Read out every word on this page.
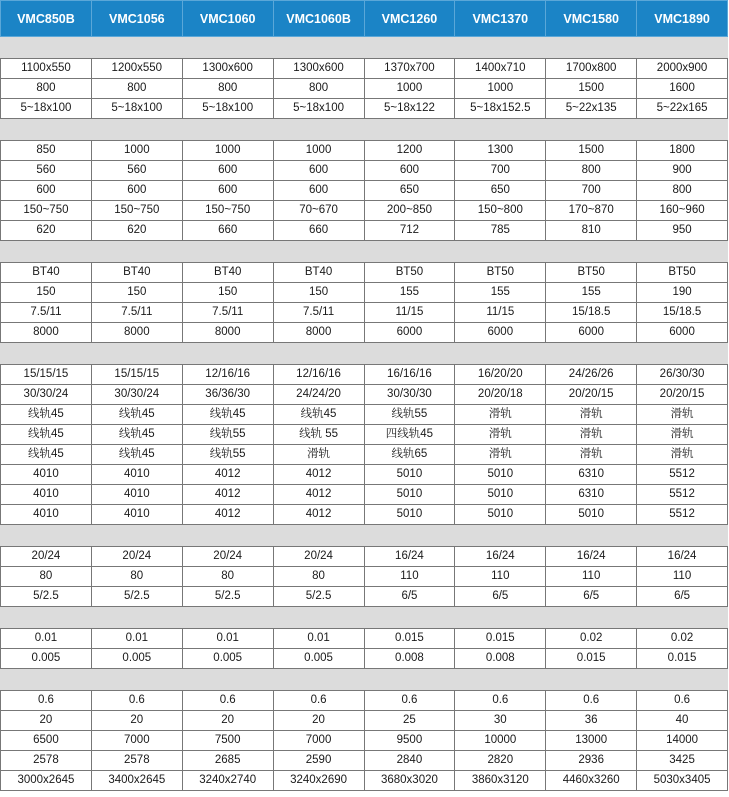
VMC850B	VMC1056	VMC1060	VMC1060B	VMC1260	VMC1370	VMC1580	VMC1890

1100x550	1200x550	1300x600	1300x600	1370x700	1400x710	1700x800	2000x900
800	800	800	800	1000	1000	1500	1600
5~18x100	5~18x100	5~18x100	5~18x100	5~18x122	5~18x152.5	5~22x135	5~22x165

850	1000	1000	1000	1200	1300	1500	1800
560	560	600	600	600	700	800	900
600	600	600	600	650	650	700	800
150~750	150~750	150~750	70~670	200~850	150~800	170~870	160~960
620	620	660	660	712	785	810	950

BT40	BT40	BT40	BT40	BT50	BT50	BT50	BT50
150	150	150	150	155	155	155	190
7.5/11	7.5/11	7.5/11	7.5/11	11/15	11/15	15/18.5	15/18.5
8000	8000	8000	8000	6000	6000	6000	6000

15/15/15	15/15/15	12/16/16	12/16/16	16/16/16	16/20/20	24/26/26	26/30/30
30/30/24	30/30/24	36/36/30	24/24/20	30/30/30	20/20/18	20/20/15	20/20/15
线轨45	线轨45	线轨45	线轨45	线轨55	滑轨	滑轨	滑轨
线轨45	线轨45	线轨55	线轨 55	四线轨45	滑轨	滑轨	滑轨
线轨45	线轨45	线轨55	滑轨	线轨65	滑轨	滑轨	滑轨
4010	4010	4012	4012	5010	5010	6310	5512
4010	4010	4012	4012	5010	5010	6310	5512
4010	4010	4012	4012	5010	5010	5010	5512

20/24	20/24	20/24	20/24	16/24	16/24	16/24	16/24
80	80	80	80	110	110	110	110
5/2.5	5/2.5	5/2.5	5/2.5	6/5	6/5	6/5	6/5

0.01	0.01	0.01	0.01	0.015	0.015	0.02	0.02
0.005	0.005	0.005	0.005	0.008	0.008	0.015	0.015

0.6	0.6	0.6	0.6	0.6	0.6	0.6	0.6
20	20	20	20	25	30	36	40
6500	7000	7500	7000	9500	10000	13000	14000
2578	2578	2685	2590	2840	2820	2936	3425
3000x2645	3400x2645	3240x2740	3240x2690	3680x3020	3860x3120	4460x3260	5030x3405
